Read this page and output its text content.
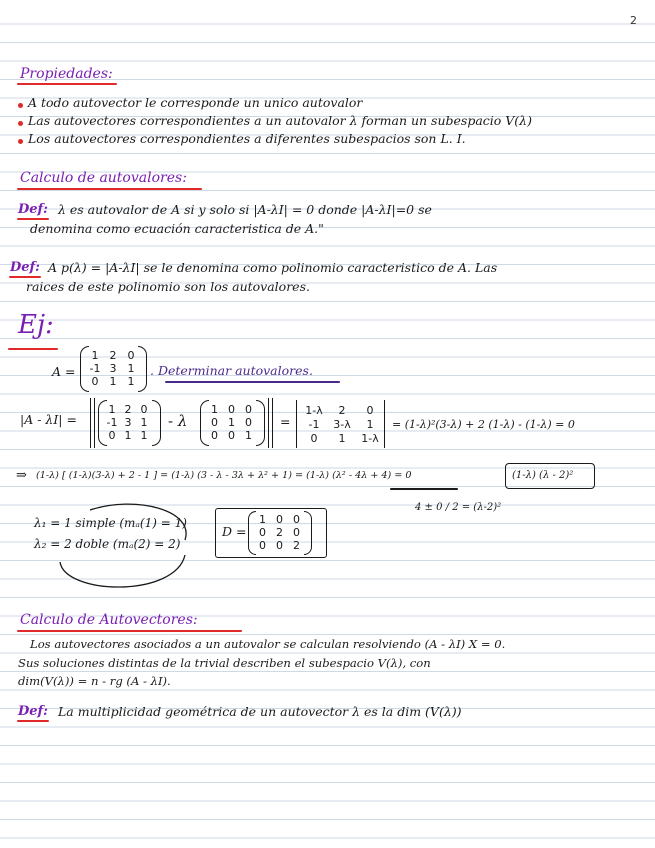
2
Propiedades:
A todo autovector le corresponde un unico autovalor
Las autovectores correspondientes a un autovalor λ forman un subespacio V(λ)
Los autovectores correspondientes a diferentes subespacios son L. I.
Calculo de autovalores:
Def: λ es autovalor de A si y solo si |A-λI| = 0 donde |A-λI|=0 se
denomina como ecuación caracteristica de A."
Def: A p(λ) = |A-λI| se le denomina como polinomio caracteristico de A. Las
raices de este polinomio son los autovalores.
Ej:
A =
1	2	0
-1 3	1
0	1	1
. Determinar autovalores.
|A - λI| =
1 2 0
-1 3 1
0 1 1
- λ
1 0 0
0 1 0
0 0 1
=
1-λ	2	0
-1	3-λ	1
0	1	1-λ
= (1-λ)²(3-λ) + 2 (1-λ) - (1-λ) = 0
⇒ (1-λ) [ (1-λ)(3-λ) + 2 - 1 ] = (1-λ) (3 - λ - 3λ + λ² + 1) = (1-λ) (λ² - 4λ + 4) = 0	(1-λ) (λ - 2)²
4 ± 0 / 2 = (λ-2)²
λ₁ = 1 simple (mₐ(1) = 1)
λ₂ = 2 doble (mₐ(2) = 2)
D =
1 0 0
0 2 0
0 0 2
Calculo de Autovectores:
Los autovectores asociados a un autovalor se calculan resolviendo (A - λI) X = 0.
Sus soluciones distintas de la trivial describen el subespacio V(λ), con
dim(V(λ)) = n - rg (A - λI).
Def: La multiplicidad geométrica de un autovector λ es la dim (V(λ))
